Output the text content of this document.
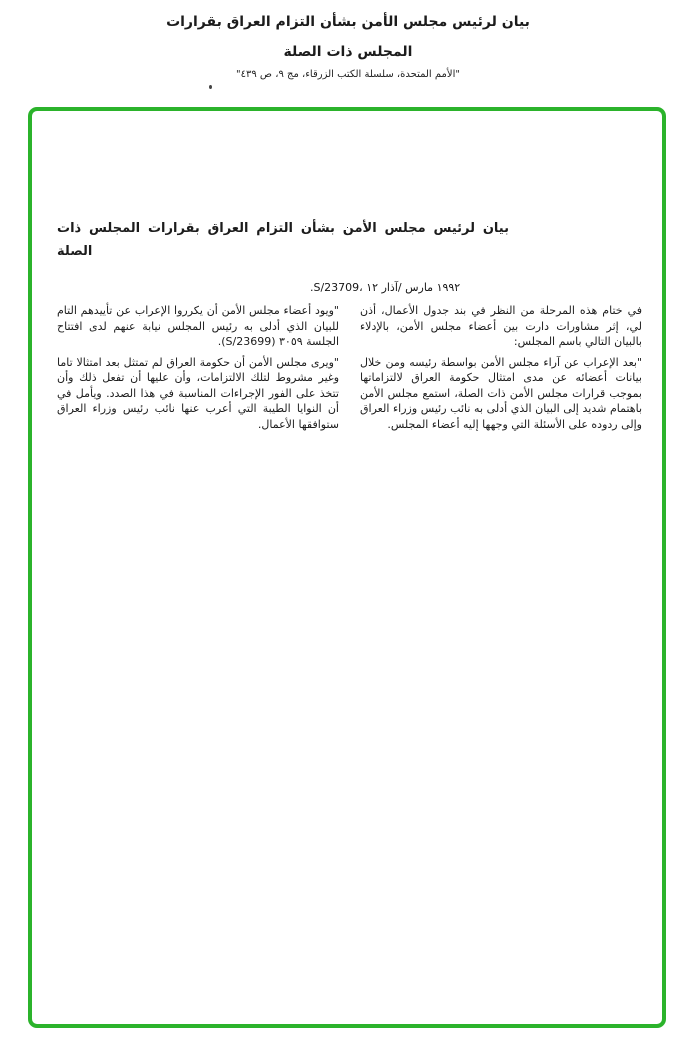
بيان لرئيس مجلس الأمن بشأن التزام العراق بقرارات
المجلس ذات الصلة
"الأمم المتحدة، سلسلة الكتب الزرقاء، مج ٩، ص ٤٣٩"
بيان لرئيس مجلس الأمن بشأن التزام العراق بقرارات المجلس ذات
الصلة
.S/23709، ١٢ ‎آذار/ ‎مارس ‎١٩٩٢

في ختام هذه المرحلة من النظر في بند جدول الأعمال، أذن لي، إثر مشاورات دارت بين أعضاء مجلس الأمن، بالإدلاء بالبيان التالي باسم المجلس:

"بعد الإعراب عن آراء مجلس الأمن بواسطة رئيسه ومن خلال بيانات أعضائه عن مدى امتثال حكومة العراق لالتزاماتها بموجب قرارات مجلس الأمن ذات الصلة، استمع مجلس الأمن باهتمام شديد إلى البيان الذي أدلى به نائب رئيس وزراء العراق وإلى ردوده على الأسئلة التي وجهها إليه أعضاء المجلس.

"ويود أعضاء مجلس الأمن أن يكرروا الإعراب عن تأييدهم التام للبيان الذي أدلى به رئيس المجلس نيابة عنهم لدى افتتاح الجلسة ٣٠٥٩ (S/23699).

"ويرى مجلس الأمن أن حكومة العراق لم تمتثل بعد امتثالا تاما وغير مشروط لتلك الالتزامات، وأن عليها أن تفعل ذلك وأن تتخذ على الفور الإجراءات المناسبة في هذا الصدد. ويأمل في أن النوايا الطيبة التي أعرب عنها نائب رئيس وزراء العراق ستوافقها الأعمال.
